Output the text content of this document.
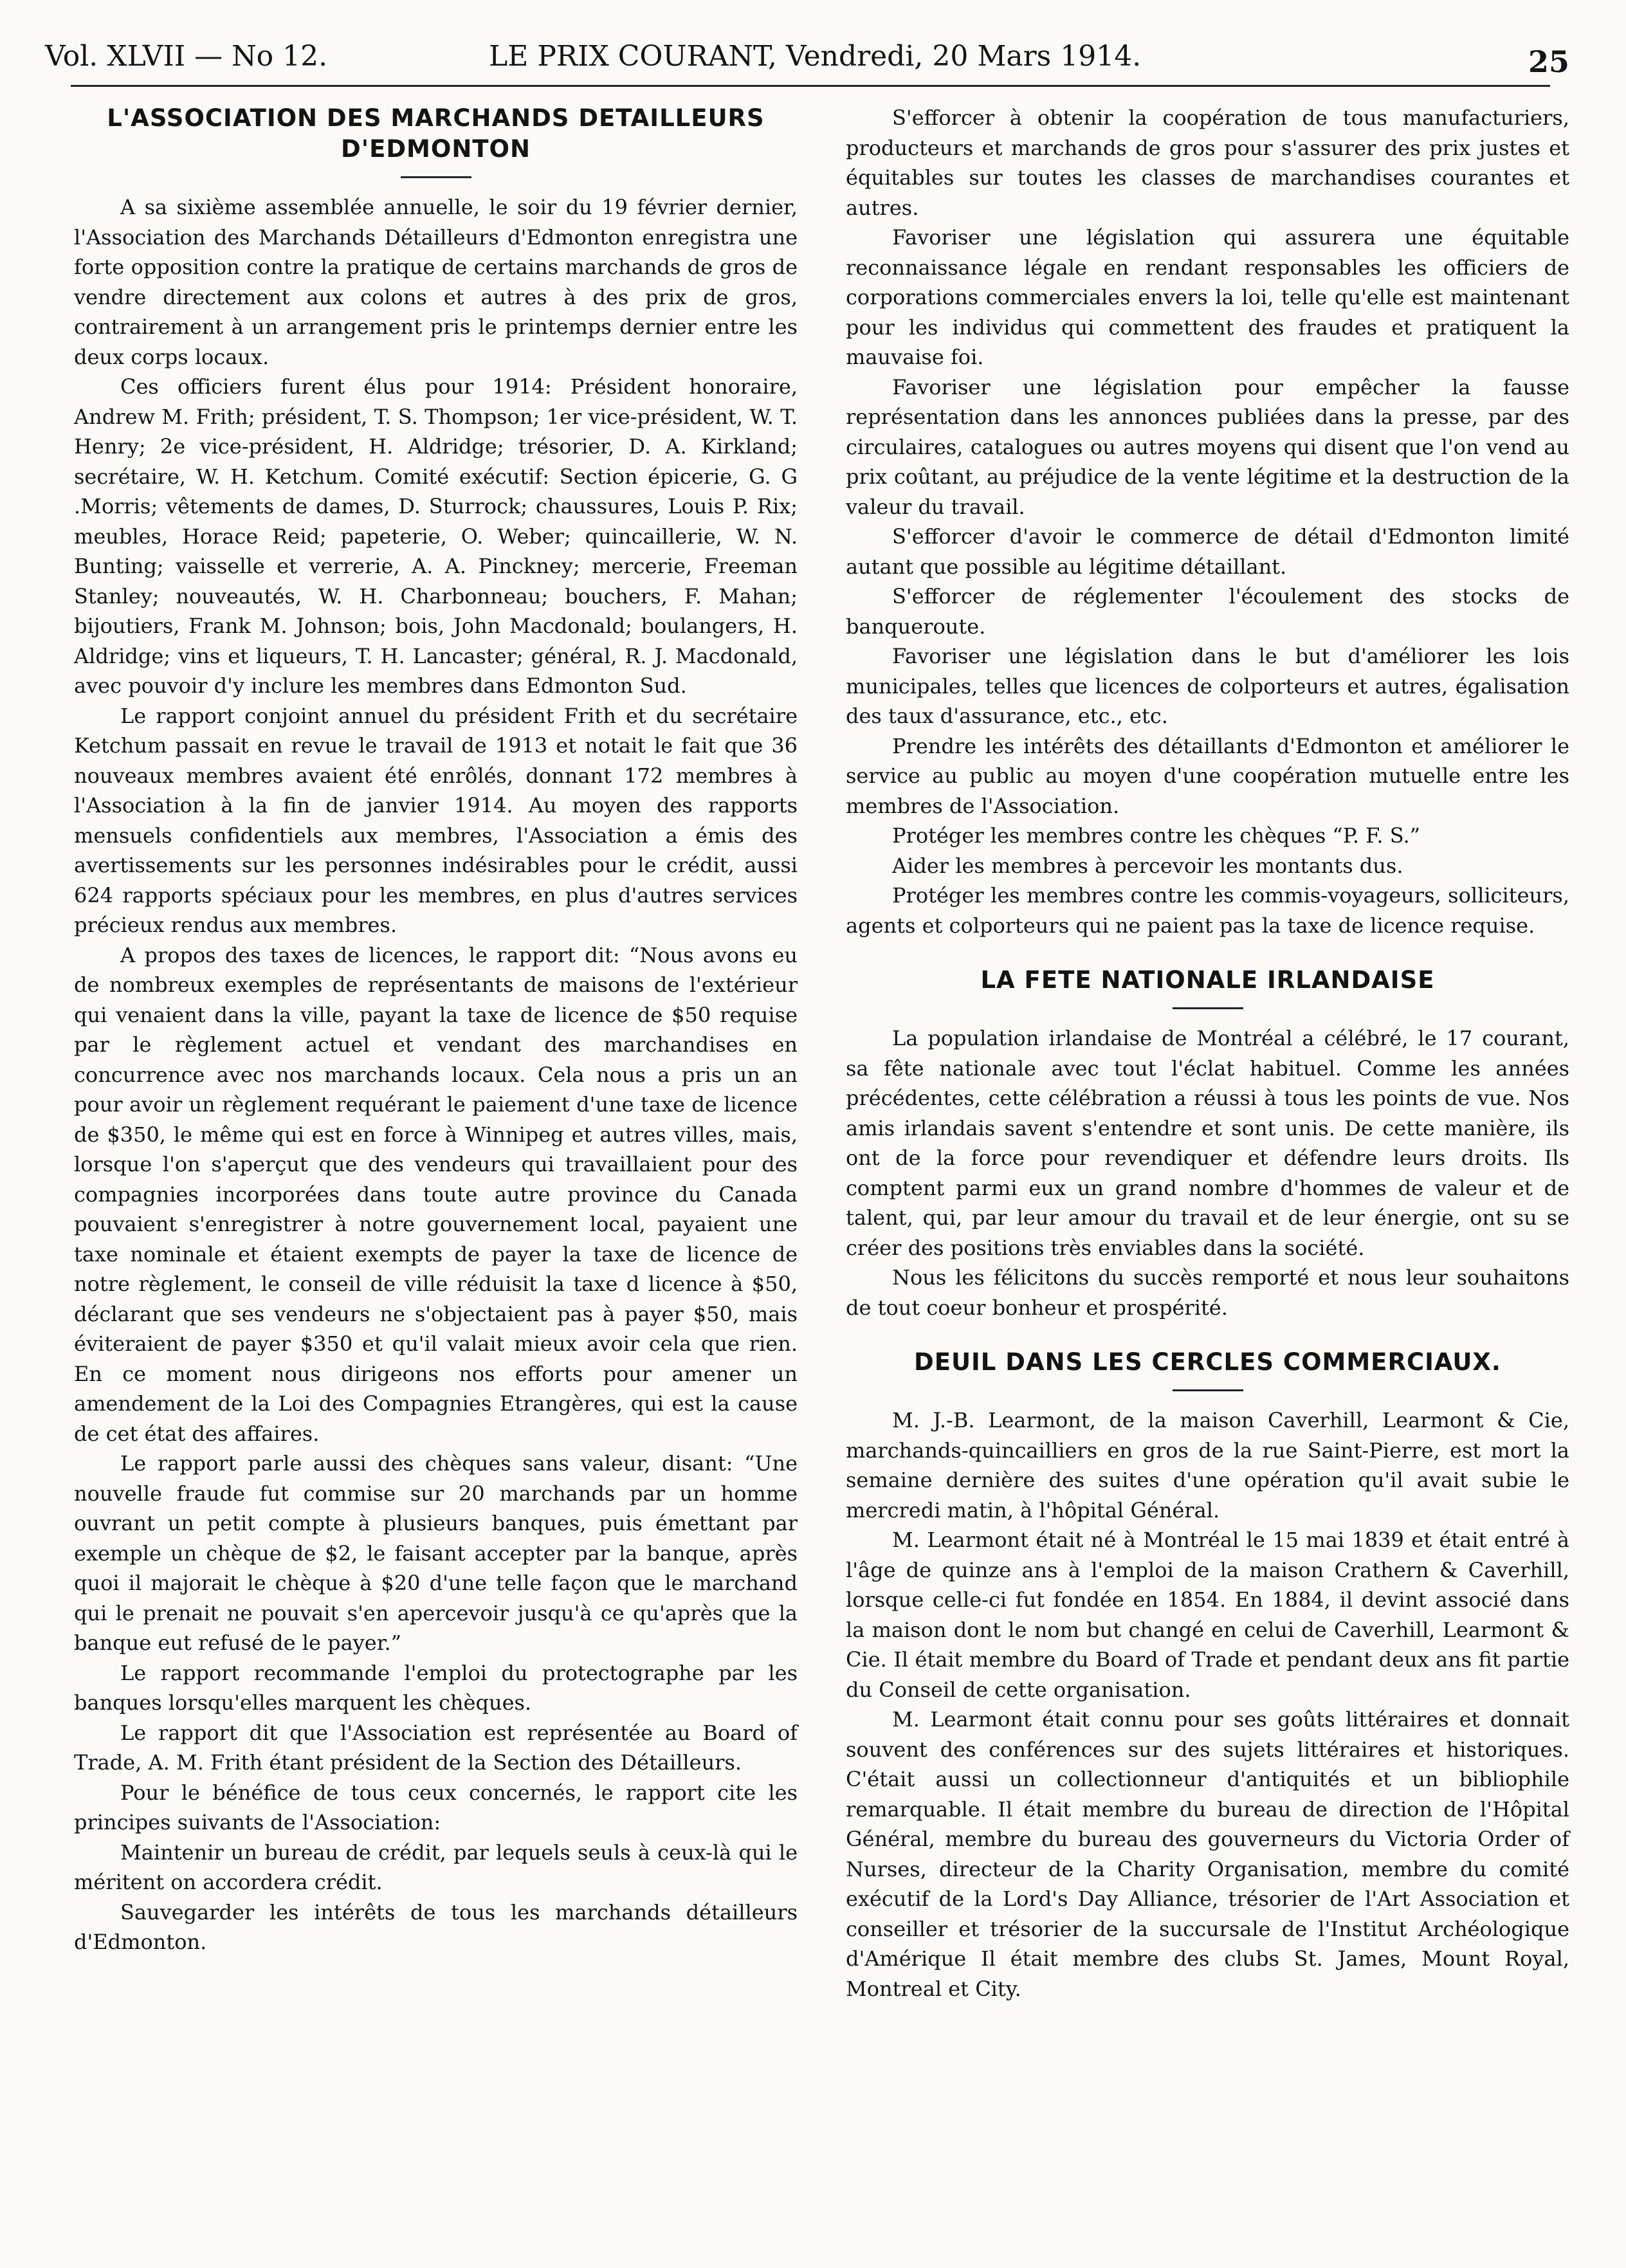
Vol. XLVII — No 12.	LE PRIX COURANT, Vendredi, 20 Mars 1914.	25
L'ASSOCIATION DES MARCHANDS DETAILLEURS D'EDMONTON

A sa sixième assemblée annuelle, le soir du 19 février dernier, l'Association des Marchands Détailleurs d'Edmonton enregistra une forte opposition contre la pratique de certains marchands de gros de vendre directement aux colons et autres à des prix de gros, contrairement à un arrangement pris le printemps dernier entre les deux corps locaux.

Ces officiers furent élus pour 1914: Président honoraire, Andrew M. Frith; président, T. S. Thompson; 1er vice-président, W. T. Henry; 2e vice-président, H. Aldridge; trésorier, D. A. Kirkland; secrétaire, W. H. Ketchum. Comité exécutif: Section épicerie, G. G .Morris; vêtements de dames, D. Sturrock; chaussures, Louis P. Rix; meubles, Horace Reid; papeterie, O. Weber; quincaillerie, W. N. Bunting; vaisselle et verrerie, A. A. Pinckney; mercerie, Freeman Stanley; nouveautés, W. H. Charbonneau; bouchers, F. Mahan; bijoutiers, Frank M. Johnson; bois, John Macdonald; boulangers, H. Aldridge; vins et liqueurs, T. H. Lancaster; général, R. J. Macdonald, avec pouvoir d'y inclure les membres dans Edmonton Sud.

Le rapport conjoint annuel du président Frith et du secrétaire Ketchum passait en revue le travail de 1913 et notait le fait que 36 nouveaux membres avaient été enrôlés, donnant 172 membres à l'Association à la fin de janvier 1914. Au moyen des rapports mensuels confidentiels aux membres, l'Association a émis des avertissements sur les personnes indésirables pour le crédit, aussi 624 rapports spéciaux pour les membres, en plus d'autres services précieux rendus aux membres.

A propos des taxes de licences, le rapport dit: “Nous avons eu de nombreux exemples de représentants de maisons de l'extérieur qui venaient dans la ville, payant la taxe de licence de $50 requise par le règlement actuel et vendant des marchandises en concurrence avec nos marchands locaux. Cela nous a pris un an pour avoir un règlement requérant le paiement d'une taxe de licence de $350, le même qui est en force à Winnipeg et autres villes, mais, lorsque l'on s'aperçut que des vendeurs qui travaillaient pour des compagnies incorporées dans toute autre province du Canada pouvaient s'enregistrer à notre gouvernement local, payaient une taxe nominale et étaient exempts de payer la taxe de licence de notre règlement, le conseil de ville réduisit la taxe d licence à $50, déclarant que ses vendeurs ne s'objectaient pas à payer $50, mais éviteraient de payer $350 et qu'il valait mieux avoir cela que rien. En ce moment nous dirigeons nos efforts pour amener un amendement de la Loi des Compagnies Etrangères, qui est la cause de cet état des affaires.

Le rapport parle aussi des chèques sans valeur, disant: “Une nouvelle fraude fut commise sur 20 marchands par un homme ouvrant un petit compte à plusieurs banques, puis émettant par exemple un chèque de $2, le faisant accepter par la banque, après quoi il majorait le chèque à $20 d'une telle façon que le marchand qui le prenait ne pouvait s'en apercevoir jusqu'à ce qu'après que la banque eut refusé de le payer.”

Le rapport recommande l'emploi du protectographe par les banques lorsqu'elles marquent les chèques.

Le rapport dit que l'Association est représentée au Board of Trade, A. M. Frith étant président de la Section des Détailleurs.

Pour le bénéfice de tous ceux concernés, le rapport cite les principes suivants de l'Association:

Maintenir un bureau de crédit, par lequels seuls à ceux-là qui le méritent on accordera crédit.

Sauvegarder les intérêts de tous les marchands détailleurs d'Edmonton.

S'efforcer à obtenir la coopération de tous manufacturiers, producteurs et marchands de gros pour s'assurer des prix justes et équitables sur toutes les classes de marchandises courantes et autres.

Favoriser une législation qui assurera une équitable reconnaissance légale en rendant responsables les officiers de corporations commerciales envers la loi, telle qu'elle est maintenant pour les individus qui commettent des fraudes et pratiquent la mauvaise foi.

Favoriser une législation pour empêcher la fausse représentation dans les annonces publiées dans la presse, par des circulaires, catalogues ou autres moyens qui disent que l'on vend au prix coûtant, au préjudice de la vente légitime et la destruction de la valeur du travail.

S'efforcer d'avoir le commerce de détail d'Edmonton limité autant que possible au légitime détaillant.

S'efforcer de réglementer l'écoulement des stocks de banqueroute.

Favoriser une législation dans le but d'améliorer les lois municipales, telles que licences de colporteurs et autres, égalisation des taux d'assurance, etc., etc.

Prendre les intérêts des détaillants d'Edmonton et améliorer le service au public au moyen d'une coopération mutuelle entre les membres de l'Association.

Protéger les membres contre les chèques “P. F. S.”

Aider les membres à percevoir les montants dus.

Protéger les membres contre les commis-voyageurs, solliciteurs, agents et colporteurs qui ne paient pas la taxe de licence requise.

LA FETE NATIONALE IRLANDAISE

La population irlandaise de Montréal a célébré, le 17 courant, sa fête nationale avec tout l'éclat habituel. Comme les années précédentes, cette célébration a réussi à tous les points de vue. Nos amis irlandais savent s'entendre et sont unis. De cette manière, ils ont de la force pour revendiquer et défendre leurs droits. Ils comptent parmi eux un grand nombre d'hommes de valeur et de talent, qui, par leur amour du travail et de leur énergie, ont su se créer des positions très enviables dans la société.

Nous les félicitons du succès remporté et nous leur souhaitons de tout coeur bonheur et prospérité.

DEUIL DANS LES CERCLES COMMERCIAUX.

M. J.-B. Learmont, de la maison Caverhill, Learmont & Cie, marchands-quincailliers en gros de la rue Saint-Pierre, est mort la semaine dernière des suites d'une opération qu'il avait subie le mercredi matin, à l'hôpital Général.

M. Learmont était né à Montréal le 15 mai 1839 et était entré à l'âge de quinze ans à l'emploi de la maison Crathern & Caverhill, lorsque celle-ci fut fondée en 1854. En 1884, il devint associé dans la maison dont le nom but changé en celui de Caverhill, Learmont & Cie. Il était membre du Board of Trade et pendant deux ans fit partie du Conseil de cette organisation.

M. Learmont était connu pour ses goûts littéraires et donnait souvent des conférences sur des sujets littéraires et historiques. C'était aussi un collectionneur d'antiquités et un bibliophile remarquable. Il était membre du bureau de direction de l'Hôpital Général, membre du bureau des gouverneurs du Victoria Order of Nurses, directeur de la Charity Organisation, membre du comité exécutif de la Lord's Day Alliance, trésorier de l'Art Association et conseiller et trésorier de la succursale de l'Institut Archéologique d'Amérique Il était membre des clubs St. James, Mount Royal, Montreal et City.
